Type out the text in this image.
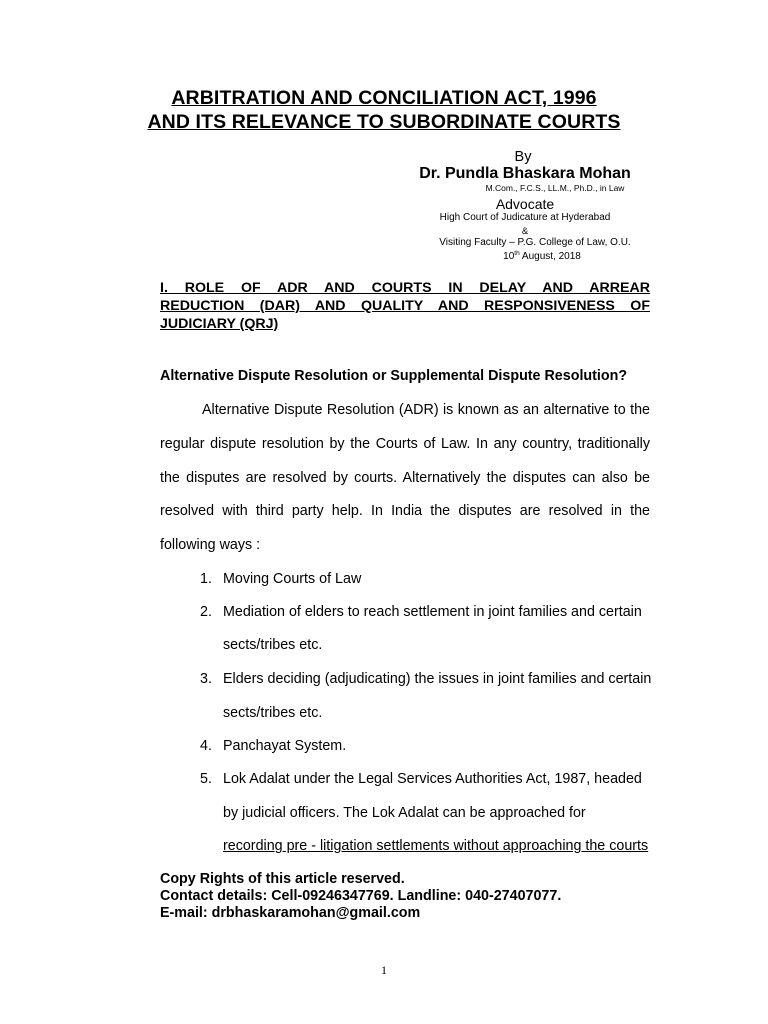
ARBITRATION AND CONCILIATION ACT, 1996
AND ITS RELEVANCE TO SUBORDINATE COURTS
By
Dr. Pundla Bhaskara Mohan
M.Com., F.C.S., LL.M., Ph.D., in Law
Advocate
High Court of Judicature at Hyderabad
&
Visiting Faculty – P.G. College of Law, O.U.
10th August, 2018
I. ROLE OF ADR AND COURTS IN DELAY AND ARREAR
REDUCTION (DAR) AND QUALITY AND RESPONSIVENESS OF
JUDICIARY (QRJ)
Alternative Dispute Resolution or Supplemental Dispute Resolution?
Alternative Dispute Resolution (ADR) is known as an alternative to the
regular dispute resolution by the Courts of Law. In any country, traditionally
the disputes are resolved by courts. Alternatively the disputes can also be
resolved with third party help. In India the disputes are resolved in the
following ways :
1. Moving Courts of Law
2. Mediation of elders to reach settlement in joint families and certain
sects/tribes etc.
3. Elders deciding (adjudicating) the issues in joint families and certain
sects/tribes etc.
4. Panchayat System.
5. Lok Adalat under the Legal Services Authorities Act, 1987, headed
by judicial officers. The Lok Adalat can be approached for
recording pre - litigation settlements without approaching the courts
Copy Rights of this article reserved.
Contact details: Cell-09246347769. Landline: 040-27407077.
E-mail: drbhaskaramohan@gmail.com
1
